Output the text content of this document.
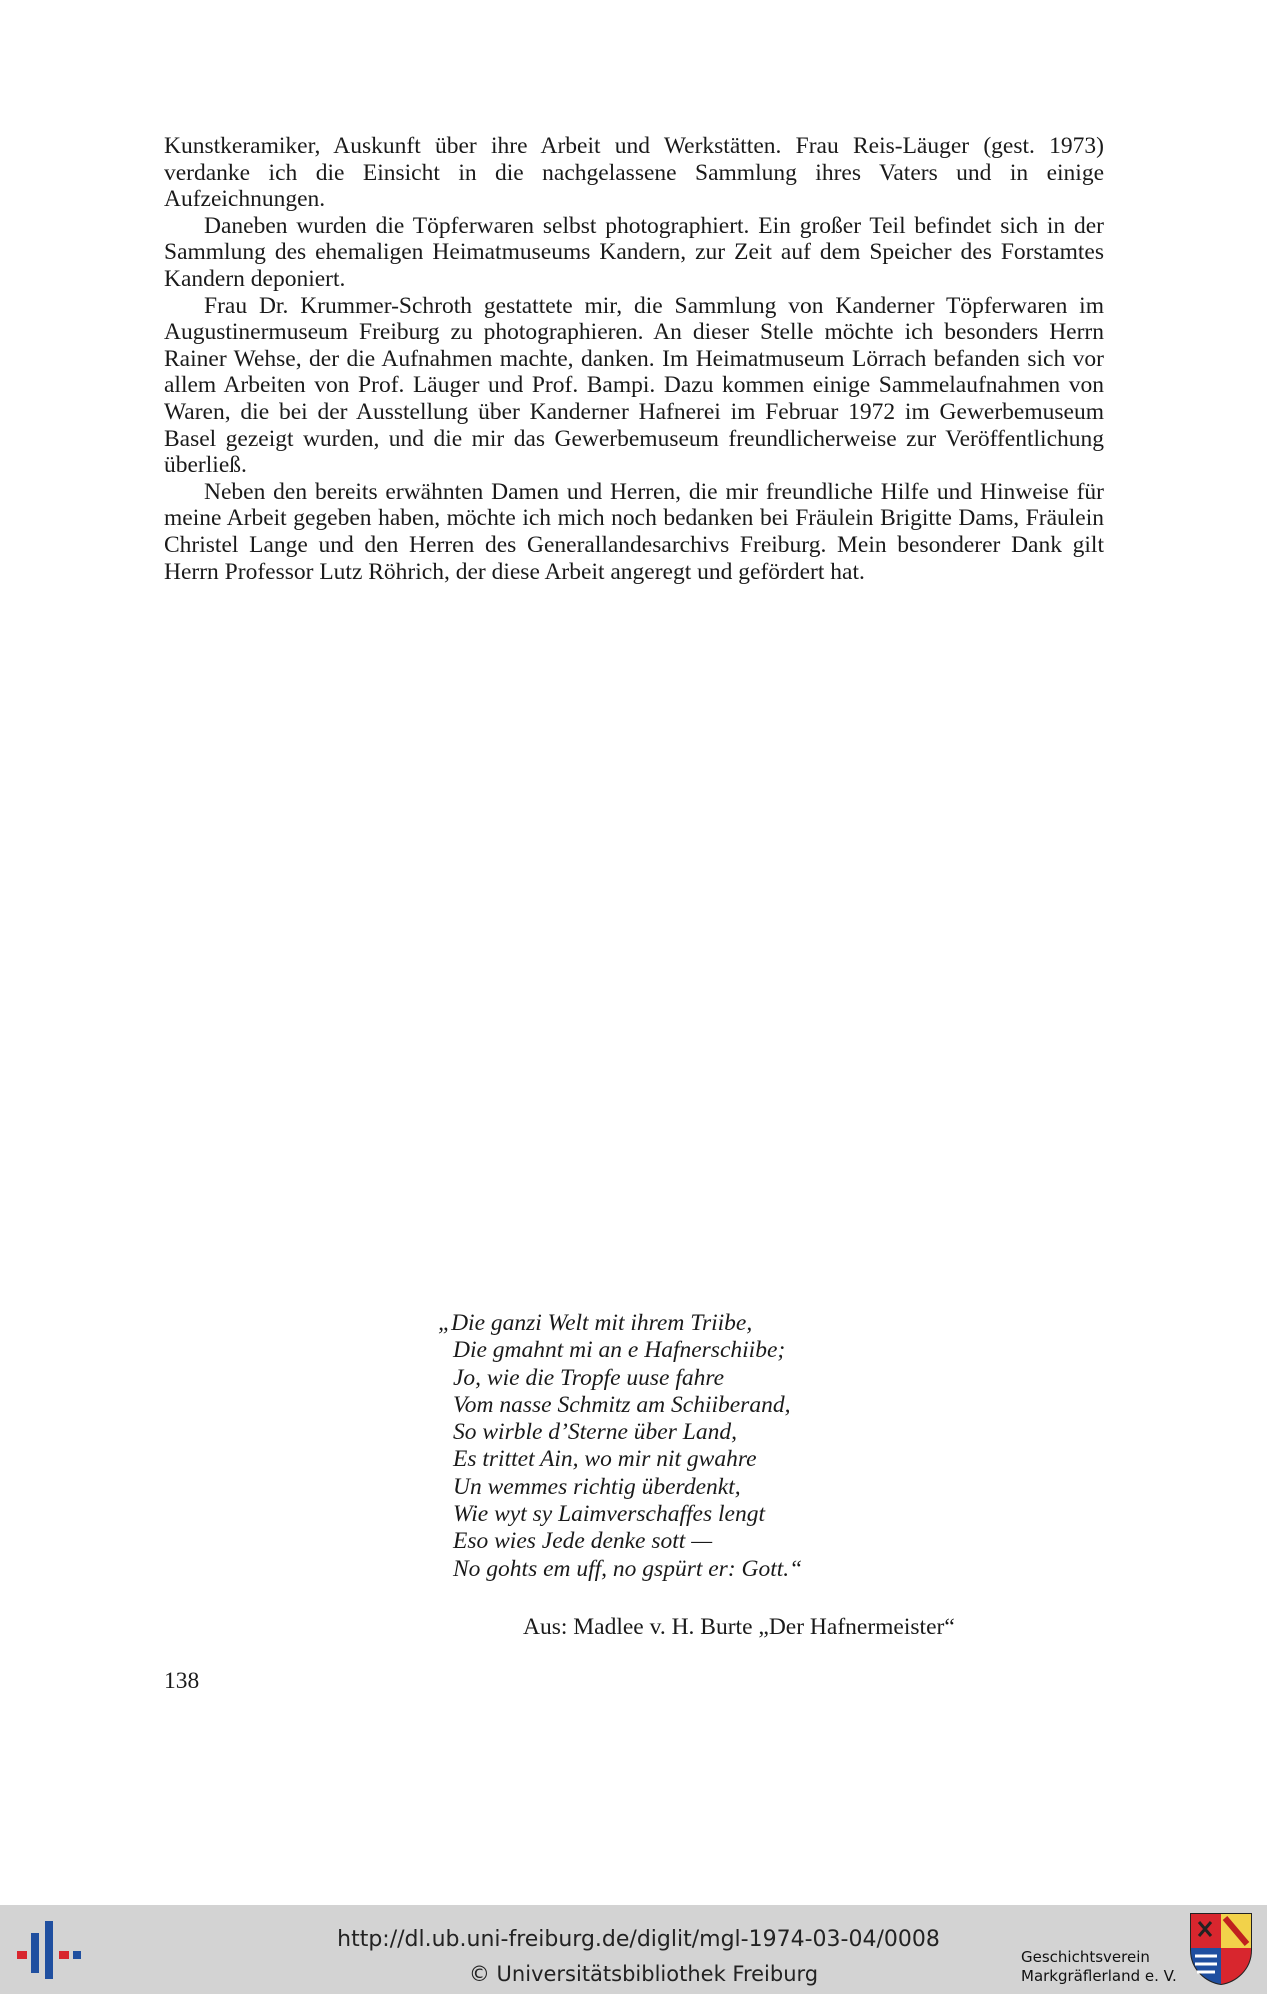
Kunstkeramiker, Auskunft über ihre Arbeit und Werkstätten. Frau Reis-Läuger (gest. 1973) verdanke ich die Einsicht in die nachgelassene Sammlung ihres Vaters und in einige Aufzeichnungen.

Daneben wurden die Töpferwaren selbst photographiert. Ein großer Teil befindet sich in der Sammlung des ehemaligen Heimatmuseums Kandern, zur Zeit auf dem Speicher des Forstamtes Kandern deponiert.

Frau Dr. Krummer-Schroth gestattete mir, die Sammlung von Kanderner Töpferwaren im Augustinermuseum Freiburg zu photographieren. An dieser Stelle möchte ich besonders Herrn Rainer Wehse, der die Aufnahmen machte, danken. Im Heimatmuseum Lörrach befanden sich vor allem Arbeiten von Prof. Läuger und Prof. Bampi. Dazu kommen einige Sammelaufnahmen von Waren, die bei der Ausstellung über Kanderner Hafnerei im Februar 1972 im Gewerbemuseum Basel gezeigt wurden, und die mir das Gewerbemuseum freundlicherweise zur Veröffentlichung überließ.

Neben den bereits erwähnten Damen und Herren, die mir freundliche Hilfe und Hinweise für meine Arbeit gegeben haben, möchte ich mich noch bedanken bei Fräulein Brigitte Dams, Fräulein Christel Lange und den Herren des Generallandesarchivs Freiburg. Mein besonderer Dank gilt Herrn Professor Lutz Röhrich, der diese Arbeit angeregt und gefördert hat.

„Die ganzi Welt mit ihrem Triibe,
Die gmahnt mi an e Hafnerschiibe;
Jo, wie die Tropfe uuse fahre
Vom nasse Schmitz am Schiiberand,
So wirble d’Sterne über Land,
Es trittet Ain, wo mir nit gwahre
Un wemmes richtig überdenkt,
Wie wyt sy Laimverschaffes lengt
Eso wies Jede denke sott —
No gohts em uff, no gspürt er: Gott.“
Aus: Madlee v. H. Burte „Der Hafnermeister“
138
http://dl.ub.uni-freiburg.de/diglit/mgl-1974-03-04/0008
© Universitätsbibliothek Freiburg
Geschichtsverein
Markgräflerland e. V.
